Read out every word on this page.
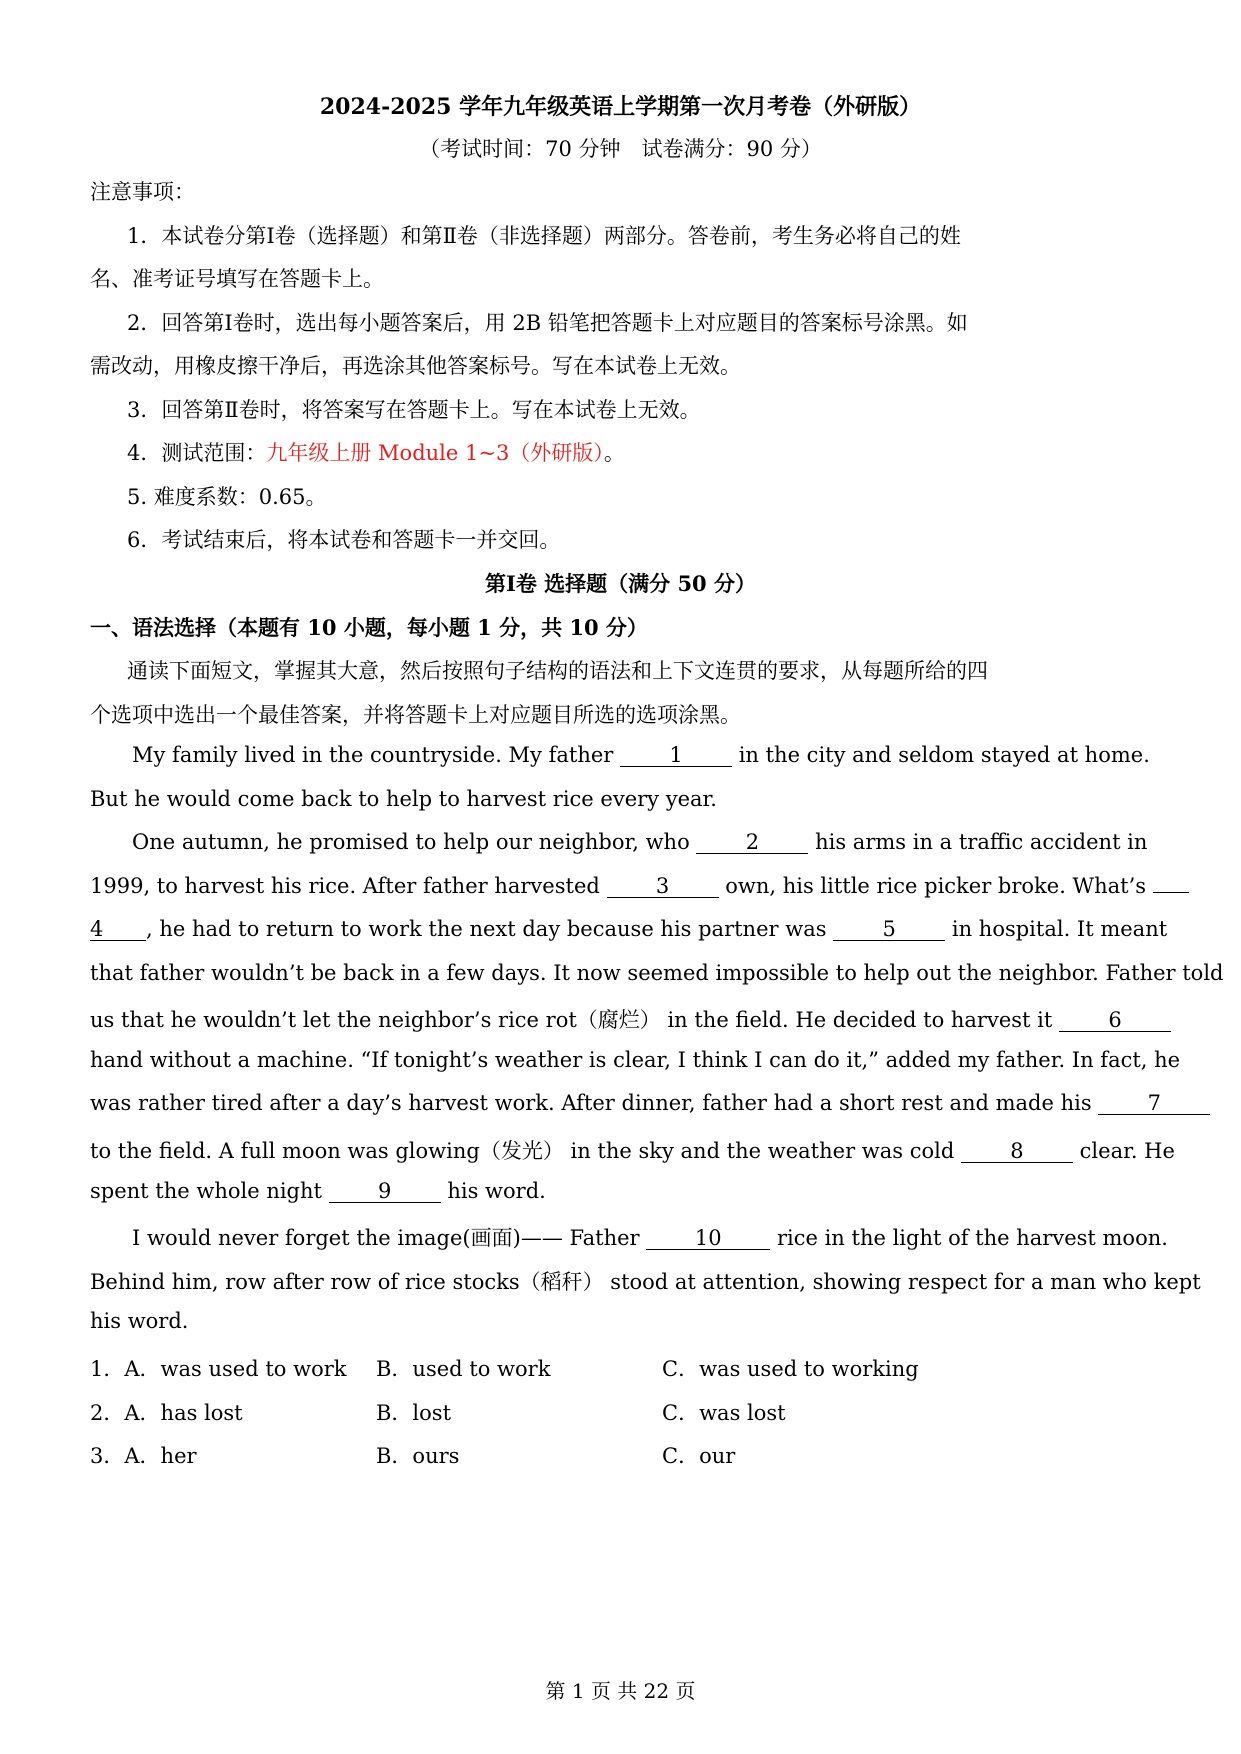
2024-2025 学年九年级英语上学期第一次月考卷（外研版）
（考试时间：70 分钟　试卷满分：90 分）
注意事项：
1．本试卷分第Ⅰ卷（选择题）和第Ⅱ卷（非选择题）两部分。答卷前，考生务必将自己的姓
名、准考证号填写在答题卡上。
2．回答第Ⅰ卷时，选出每小题答案后，用 2B 铅笔把答题卡上对应题目的答案标号涂黑。如
需改动，用橡皮擦干净后，再选涂其他答案标号。写在本试卷上无效。
3．回答第Ⅱ卷时，将答案写在答题卡上。写在本试卷上无效。
4．测试范围：九年级上册 Module 1~3（外研版）。
5. 难度系数：0.65。
6．考试结束后，将本试卷和答题卡一并交回。
第Ⅰ卷 选择题（满分 50 分）
一、语法选择（本题有 10 小题，每小题 1 分，共 10 分）
通读下面短文，掌握其大意，然后按照句子结构的语法和上下文连贯的要求，从每题所给的四
个选项中选出一个最佳答案，并将答题卡上对应题目所选的选项涂黑。
My family lived in the countryside. My father	1	in the city and seldom stayed at home.
But he would come back to help to harvest rice every year.
One autumn, he promised to help our neighbor, who	2	his arms in a traffic accident in
1999, to harvest his rice. After father harvested	3	own, his little rice picker broke. What’s
4 , he had to return to work the next day because his partner was	5	in hospital. It meant
that father wouldn’t be back in a few days. It now seemed impossible to help out the neighbor. Father told
us that he wouldn’t let the neighbor’s rice rot（腐烂） in the field. He decided to harvest it	6
hand without a machine. “If tonight’s weather is clear, I think I can do it,” added my father. In fact, he
was rather tired after a day’s harvest work. After dinner, father had a short rest and made his	7
to the field. A full moon was glowing（发光） in the sky and the weather was cold	8	clear. He
spent the whole night	9	his word.
I would never forget the image(画面)—— Father	10	rice in the light of the harvest moon.
Behind him, row after row of rice stocks（稻秆） stood at attention, showing respect for a man who kept
his word.
1．A．was used to work B．used to work	C．was used to working
2．A．has lost	B．lost	C．was lost
3．A．her	B．ours	C．our
第 1 页 共 22 页
